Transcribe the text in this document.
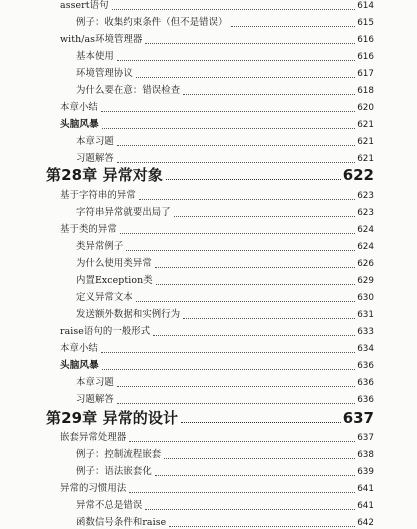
assert语句	614
例子：收集约束条件（但不是错误）	615
with/as环境管理器	616
基本使用	616
环境管理协议	617
为什么要在意：错误检查	618
本章小结	620
头脑风暴	621
本章习题	621
习题解答	621
第28章 异常对象	622
基于字符串的异常	623
字符串异常就要出局了	623
基于类的异常	624
类异常例子	624
为什么使用类异常	626
内置Exception类	629
定义异常文本	630
发送额外数据和实例行为	631
raise语句的一般形式	633
本章小结	634
头脑风暴	636
本章习题	636
习题解答	636
第29章 异常的设计	637
嵌套异常处理器	637
例子：控制流程嵌套	638
例子：语法嵌套化	639
异常的习惯用法	641
异常不总是错误	641
函数信号条件和raise	642
